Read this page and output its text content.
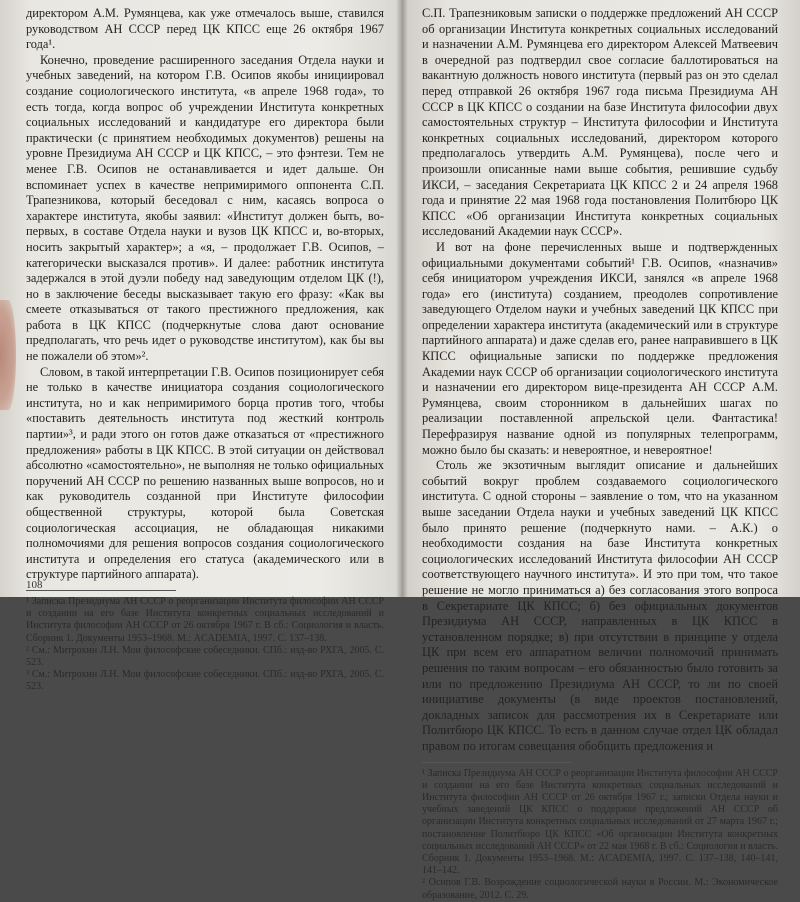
директором А.М. Румянцева, как уже отмечалось выше, ставился руководством АН СССР перед ЦК КПСС еще 26 октября 1967 года¹.

Конечно, проведение расширенного заседания Отдела науки и учебных заведений, на котором Г.В. Осипов якобы инициировал создание социологического института, «в апреле 1968 года», то есть тогда, когда вопрос об учреждении Института конкретных социальных исследований и кандидатуре его директора были практически (с принятием необходимых документов) решены на уровне Президиума АН СССР и ЦК КПСС, – это фэнтези. Тем не менее Г.В. Осипов не останавливается и идет дальше. Он вспоминает успех в качестве непримиримого оппонента С.П. Трапезникова, который беседовал с ним, касаясь вопроса о характере института, якобы заявил: «Институт должен быть, во-первых, в составе Отдела науки и вузов ЦК КПСС и, во-вторых, носить закрытый характер»; а «я, – продолжает Г.В. Осипов, – категорически высказался против». И далее: работник института задержался в этой дуэли победу над заведующим отделом ЦК (!), но в заключение беседы высказывает такую его фразу: «Как вы смеете отказываться от такого престижного предложения, как работа в ЦК КПСС (подчеркнутые слова дают основание предполагать, что речь идет о руководстве институтом), как бы вы не пожалели об этом»².

Словом, в такой интерпретации Г.В. Осипов позиционирует себя не только в качестве инициатора создания социологического института, но и как непримиримого борца против того, чтобы «поставить деятельность института под жесткий контроль партии»³, и ради этого он готов даже отказаться от «престижного предложения» работы в ЦК КПСС. В этой ситуации он действовал абсолютно «самостоятельно», не выполняя не только официальных поручений АН СССР по решению названных выше вопросов, но и как руководитель созданной при Институте философии общественной структуры, которой была Советская социологическая ассоциация, не обладающая никакими полномочиями для решения вопросов создания социологического института и определения его статуса (академического или в структуре партийного аппарата).

¹ Записка Президиума АН СССР о реорганизации Института философии АН СССР и создании на его базе Института конкретных социальных исследований и Института философии АН СССР от 26 октября 1967 г. В сб.: Социология и власть. Сборник 1. Документы 1953–1968. М.: ACADEMIA, 1997. С. 137–138.

² См.: Митрохин Л.Н. Мои философские собеседники. СПб.: изд-во РХГА, 2005. С. 523.

³ См.: Митрохин Л.Н. Мои философские собеседники. СПб.: изд-во РХГА, 2005. С. 523.

108

С.П. Трапезниковым записки о поддержке предложений АН СССР об организации Института конкретных социальных исследований и назначении А.М. Румянцева его директором Алексей Матвеевич в очередной раз подтвердил свое согласие баллотироваться на вакантную должность нового института (первый раз он это сделал перед отправкой 26 октября 1967 года письма Президиума АН СССР в ЦК КПСС о создании на базе Института философии двух самостоятельных структур – Института философии и Института конкретных социальных исследований, директором которого предполагалось утвердить А.М. Румянцева), после чего и произошли описанные нами выше события, решившие судьбу ИКСИ, – заседания Секретариата ЦК КПСС 2 и 24 апреля 1968 года и принятие 22 мая 1968 года постановления Политбюро ЦК КПСС «Об организации Института конкретных социальных исследований Академии наук СССР».

И вот на фоне перечисленных выше и подтвержденных официальными документами событий¹ Г.В. Осипов, «назначив» себя инициатором учреждения ИКСИ, занялся «в апреле 1968 года» его (института) созданием, преодолев сопротивление заведующего Отделом науки и учебных заведений ЦК КПСС при определении характера института (академический или в структуре партийного аппарата) и даже сделав его, ранее направившего в ЦК КПСС официальные записки по поддержке предложения Академии наук СССР об организации социологического института и назначении его директором вице-президента АН СССР А.М. Румянцева, своим сторонником в дальнейших шагах по реализации поставленной апрельской цели. Фантастика! Перефразируя название одной из популярных телепрограмм, можно было бы сказать: и невероятное, и невероятное!

Столь же экзотичным выглядит описание и дальнейших событий вокруг проблем создаваемого социологического института. С одной стороны – заявление о том, что на указанном выше заседании Отдела науки и учебных заведений ЦК КПСС было принято решение (подчеркнуто нами. – А.К.) о необходимости создания на базе Института конкретных социологических исследований Института философии АН СССР соответствующего научного института». И это при том, что такое решение не могло приниматься а) без согласования этого вопроса в Секретариате ЦК КПСС; б) без официальных документов Президиума АН СССР, направленных в ЦК КПСС в установленном порядке; в) при отсутствии в принципе у отдела ЦК при всем его аппаратном величии полномочий принимать решения по таким вопросам – его обязанностью было готовить за или по предложению Президиума АН СССР, то ли по своей инициативе документы (в виде проектов постановлений, докладных записок для рассмотрения их в Секретариате или Политбюро ЦК КПСС. То есть в данном случае отдел ЦК обладал правом по итогам совещания обобщить предложения и

¹ Записка Президиума АН СССР о реорганизации Института философии АН СССР и создании на его базе Института конкретных социальных исследований и Института философии АН СССР от 26 октября 1967 г.; записки Отдела науки и учебных заведений ЦК КПСС о поддержке предложений АН СССР об организации Института конкретных социальных исследований от 27 марта 1967 г.; постановление Политбюро ЦК КПСС «Об организации Института конкретных социальных исследований АН СССР» от 22 мая 1968 г. В сб.: Социология и власть. Сборник 1. Документы 1953–1968. М.: ACADEMIA, 1997. С. 137–138, 140–141, 141–142.

² Осипов Г.В. Возрождение социологической науки в России. М.: Экономическое образование, 2012. С. 29.
